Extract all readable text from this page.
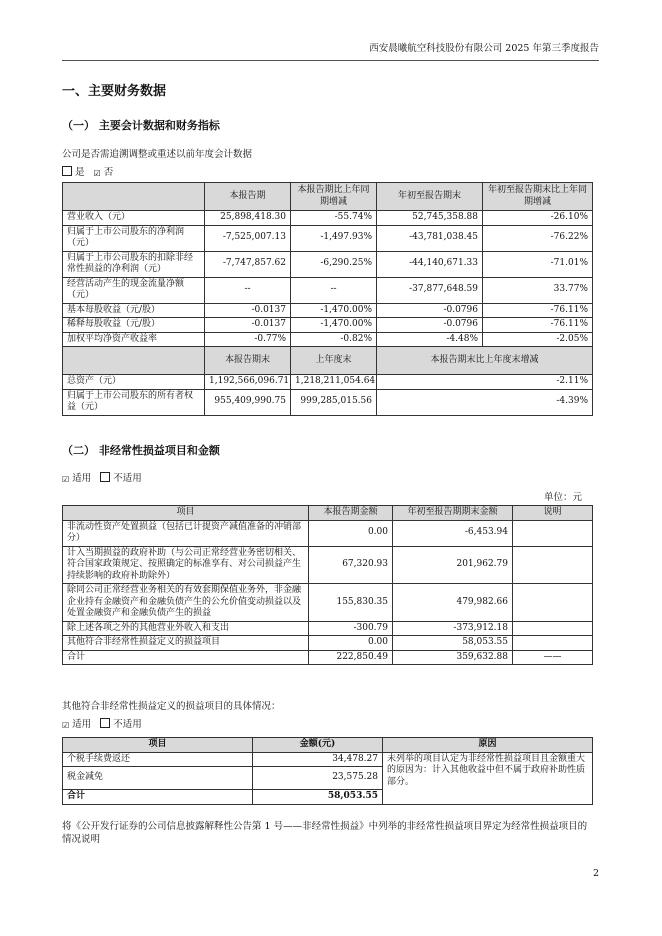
西安晨曦航空科技股份有限公司 2025 年第三季度报告
一、主要财务数据
（一） 主要会计数据和财务指标
公司是否需追溯调整或重述以前年度会计数据
是 ☑ 否
	本报告期	本报告期比上年同期增减	年初至报告期末	年初至报告期末比上年同期增减
营业收入（元）	25,898,418.30	-55.74%	52,745,358.88	-26.10%
归属于上市公司股东的净利润（元）	-7,525,007.13	-1,497.93%	-43,781,038.45	-76.22%
归属于上市公司股东的扣除非经常性损益的净利润（元）	-7,747,857.62	-6,290.25%	-44,140,671.33	-71.01%
经营活动产生的现金流量净额（元）	--	--	-37,877,648.59	33.77%
基本每股收益（元/股）	-0.0137	-1,470.00%	-0.0796	-76.11%
稀释每股收益（元/股）	-0.0137	-1,470.00%	-0.0796	-76.11%
加权平均净资产收益率	-0.77%	-0.82%	-4.48%	-2.05%
	本报告期末	上年度末	本报告期末比上年度末增减	
总资产（元）	1,192,566,096.71	1,218,211,054.64	-2.11%	
归属于上市公司股东的所有者权益（元）	955,409,990.75	999,285,015.56	-4.39%	
（二） 非经常性损益项目和金额
☑ 适用 不适用
单位：元
项目	本报告期金额	年初至报告期期末金额	说明
非流动性资产处置损益（包括已计提资产减值准备的冲销部分）	0.00	-6,453.94	
计入当期损益的政府补助（与公司正常经营业务密切相关、符合国家政策规定、按照确定的标准享有、对公司损益产生持续影响的政府补助除外）	67,320.93	201,962.79	
除同公司正常经营业务相关的有效套期保值业务外，非金融企业持有金融资产和金融负债产生的公允价值变动损益以及处置金融资产和金融负债产生的损益	155,830.35	479,982.66	
除上述各项之外的其他营业外收入和支出	-300.79	-373,912.18	
其他符合非经常性损益定义的损益项目	0.00	58,053.55	
合计	222,850.49	359,632.88	——
其他符合非经常性损益定义的损益项目的具体情况：
☑ 适用 不适用
项目	金额(元)	原因
个税手续费返还	34,478.27	未列举的项目认定为非经常性损益项目且金额重大的原因为：计入其他收益中但不属于政府补助性质部分。
税金减免	23,575.28	
合计	58,053.55	
将《公开发行证券的公司信息披露解释性公告第 1 号——非经常性损益》中列举的非经常性损益项目界定为经常性损益项目的情况说明
2
